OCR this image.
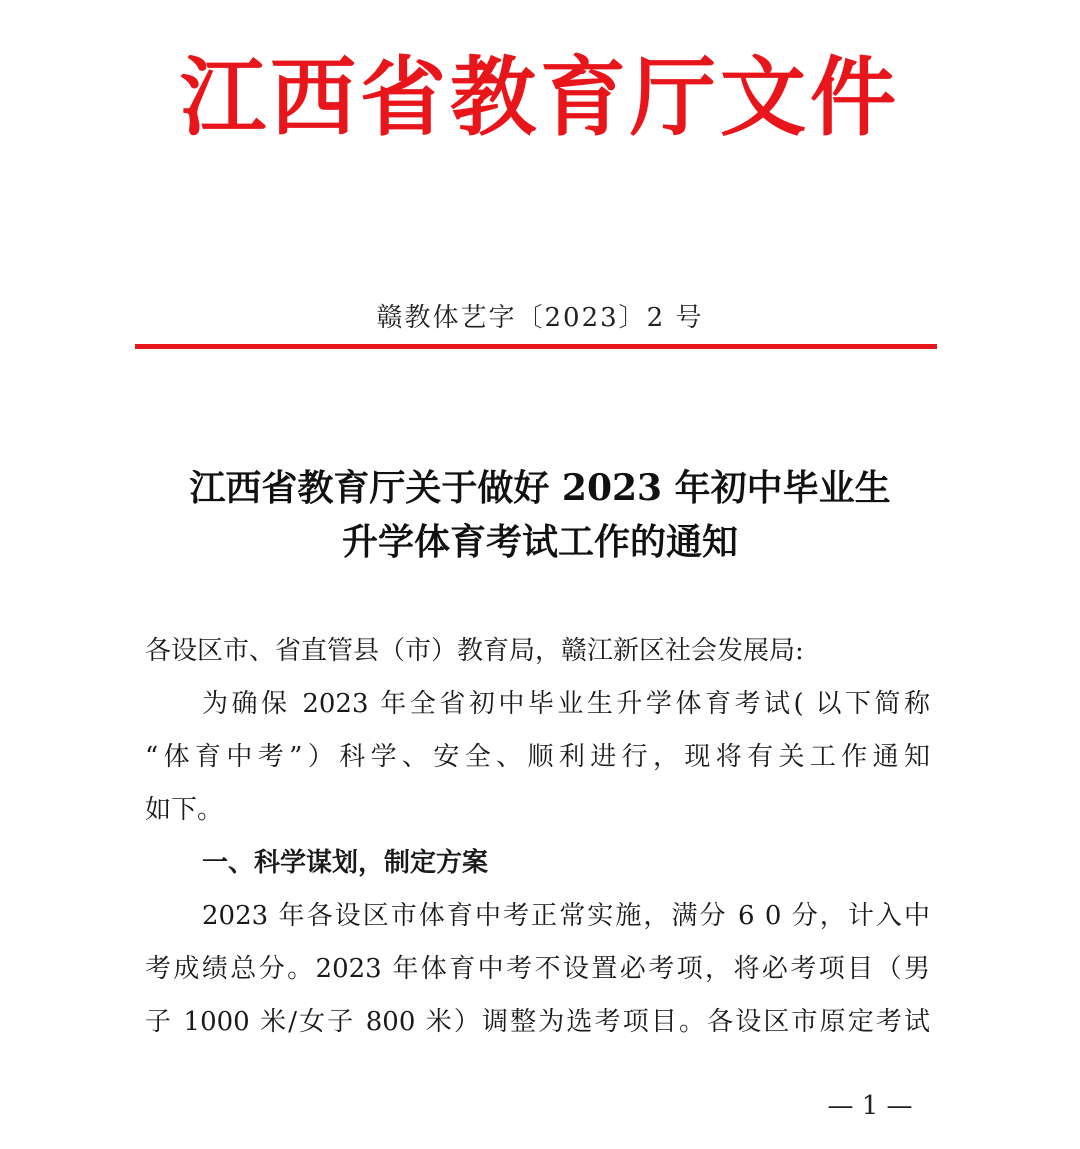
江西省教育厅文件
赣教体艺字〔2023〕2 号
江西省教育厅关于做好 2023 年初中毕业生
升学体育考试工作的通知
各设区市、省直管县（市）教育局，赣江新区社会发展局:
为确保 2023 年全省初中毕业生升学体育考试( 以下简称
“体育中考”）科学、安全、顺利进行，现将有关工作通知
如下。
一、科学谋划，制定方案
2023 年各设区市体育中考正常实施，满分 6 0 分，计入中
考成绩总分。2023 年体育中考不设置必考项，将必考项目（男
子 1000 米/女子 800 米）调整为选考项目。各设区市原定考试
— 1 —
